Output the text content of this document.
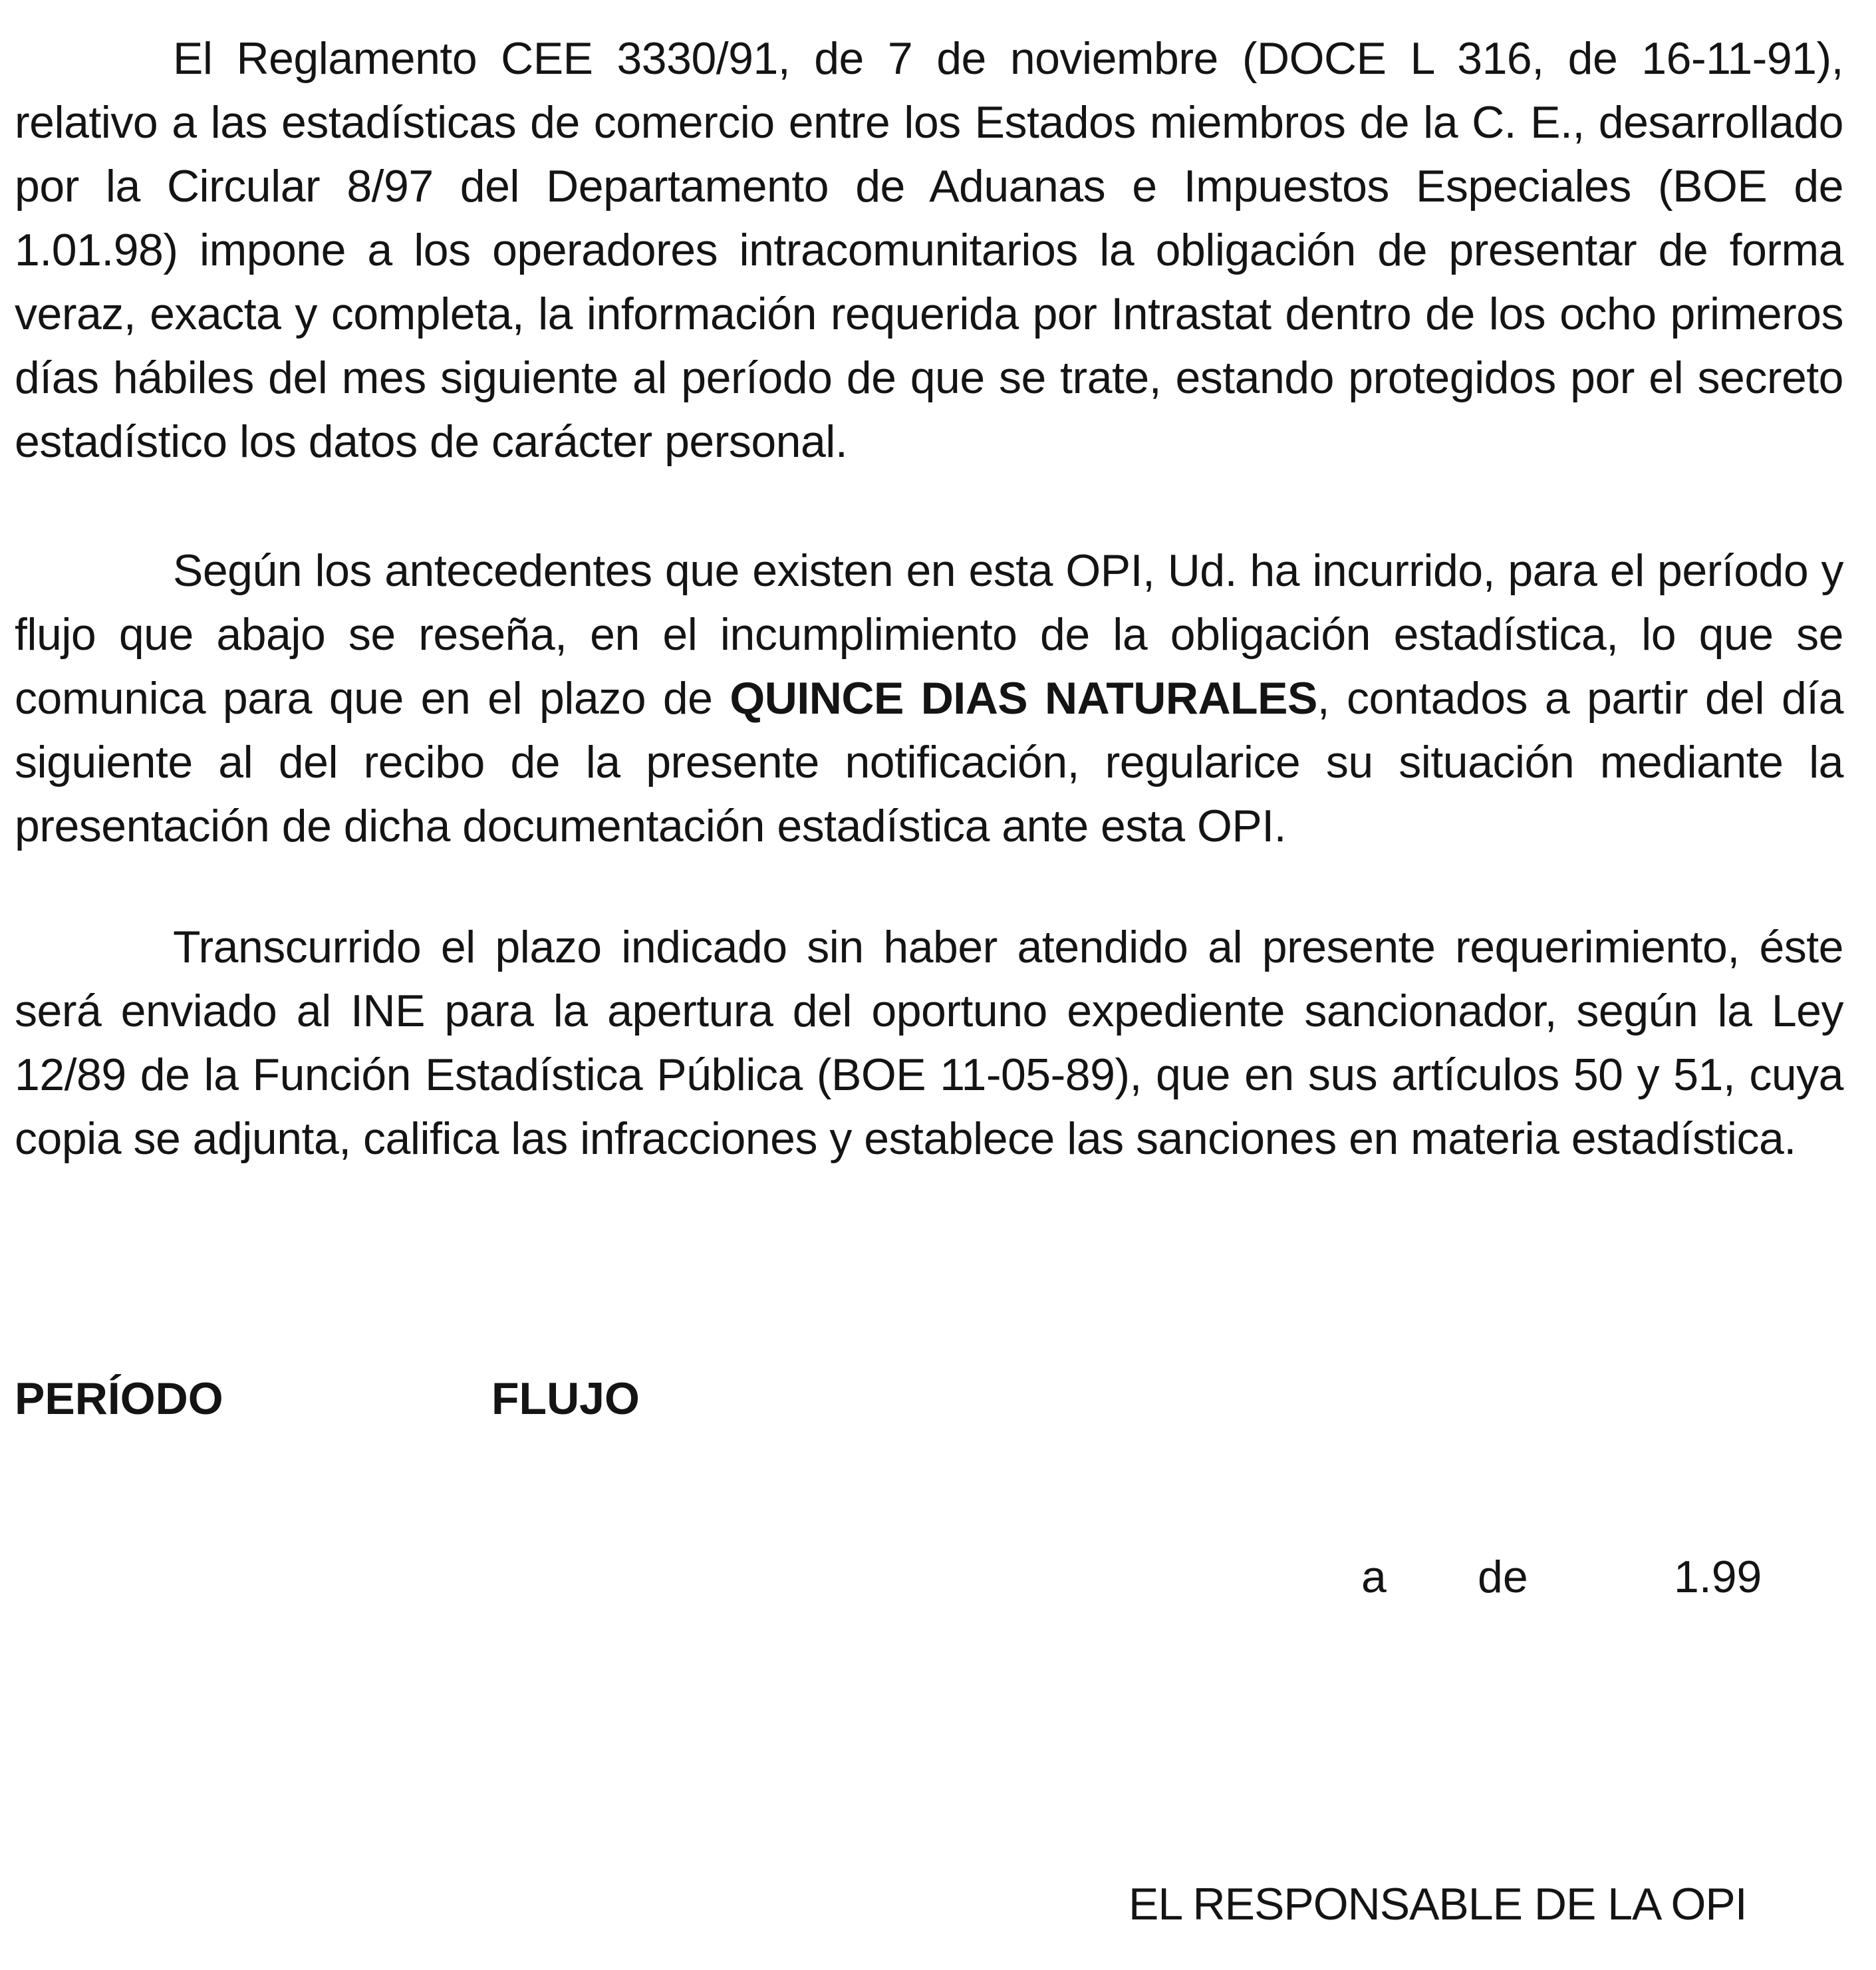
El Reglamento CEE 3330/91, de 7 de noviembre (DOCE L 316, de 16-11-91), relativo a las estadísticas de comercio entre los Estados miembros de la C. E., desarrollado por la Circular 8/97 del Departamento de Aduanas e Impuestos Especiales (BOE de 1.01.98) impone a los operadores intracomunitarios la obligación de presentar de forma veraz, exacta y completa, la información requerida por Intrastat dentro de los ocho primeros días hábiles del mes siguiente al período de que se trate, estando protegidos por el secreto estadístico los datos de carácter personal.

Según los antecedentes que existen en esta OPI, Ud. ha incurrido, para el período y flujo que abajo se reseña, en el incumplimiento de la obligación estadística, lo que se comunica para que en el plazo de QUINCE DIAS NATURALES, contados a partir del día siguiente al del recibo de la presente notificación, regularice su situación mediante la presentación de dicha documentación estadística ante esta OPI.

Transcurrido el plazo indicado sin haber atendido al presente requerimiento, éste será enviado al INE para la apertura del oportuno expediente sancionador, según la Ley 12/89 de la Función Estadística Pública (BOE 11-05-89), que en sus artículos 50 y 51, cuya copia se adjunta, califica las infracciones y establece las sanciones en materia estadística.

PERÍODO	FLUJO
a de	1.99
EL RESPONSABLE DE LA OPI
